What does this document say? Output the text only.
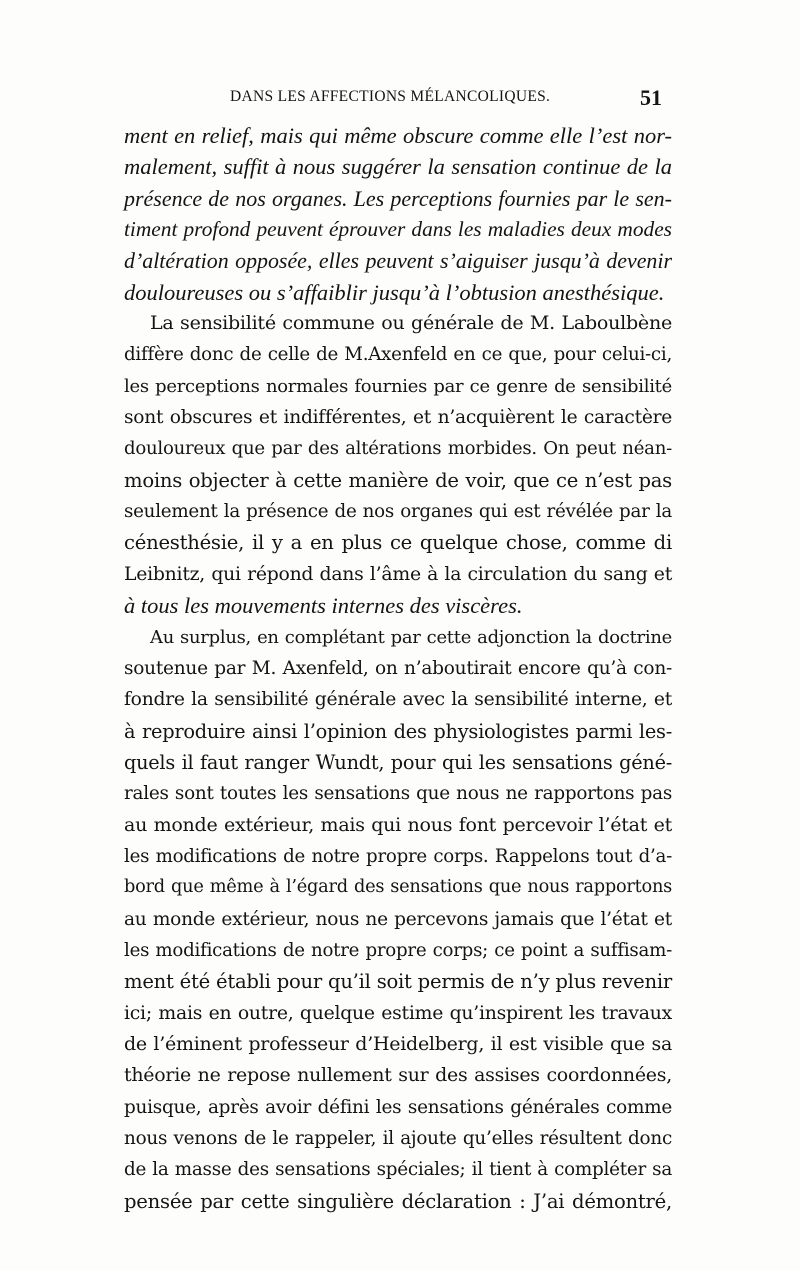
DANS LES AFFECTIONS MÉLANCOLIQUES.	51
ment en relief, mais qui même obscure comme elle l’est nor-
malement, suffit à nous suggérer la sensation continue de la
présence de nos organes. Les perceptions fournies par le sen-
timent profond peuvent éprouver dans les maladies deux modes
d’altération opposée, elles peuvent s’aiguiser jusqu’à devenir
douloureuses ou s’affaiblir jusqu’à l’obtusion anesthésique.
La sensibilité commune ou générale de M. Laboulbène
diffère donc de celle de M.Axenfeld en ce que, pour celui-ci,
les perceptions normales fournies par ce genre de sensibilité
sont obscures et indifférentes, et n’acquièrent le caractère
douloureux que par des altérations morbides. On peut néan-
moins objecter à cette manière de voir, que ce n’est pas
seulement la présence de nos organes qui est révélée par la
cénesthésie, il y a en plus ce quelque chose, comme di
Leibnitz, qui répond dans l’âme à la circulation du sang et
à tous les mouvements internes des viscères.
Au surplus, en complétant par cette adjonction la doctrine
soutenue par M. Axenfeld, on n’aboutirait encore qu’à con-
fondre la sensibilité générale avec la sensibilité interne, et
à reproduire ainsi l’opinion des physiologistes parmi les-
quels il faut ranger Wundt, pour qui les sensations géné-
rales sont toutes les sensations que nous ne rapportons pas
au monde extérieur, mais qui nous font percevoir l’état et
les modifications de notre propre corps. Rappelons tout d’a-
bord que même à l’égard des sensations que nous rapportons
au monde extérieur, nous ne percevons jamais que l’état et
les modifications de notre propre corps; ce point a suffisam-
ment été établi pour qu’il soit permis de n’y plus revenir
ici; mais en outre, quelque estime qu’inspirent les travaux
de l’éminent professeur d’Heidelberg, il est visible que sa
théorie ne repose nullement sur des assises coordonnées,
puisque, après avoir défini les sensations générales comme
nous venons de le rappeler, il ajoute qu’elles résultent donc
de la masse des sensations spéciales; il tient à compléter sa
pensée par cette singulière déclaration : J’ai démontré,
